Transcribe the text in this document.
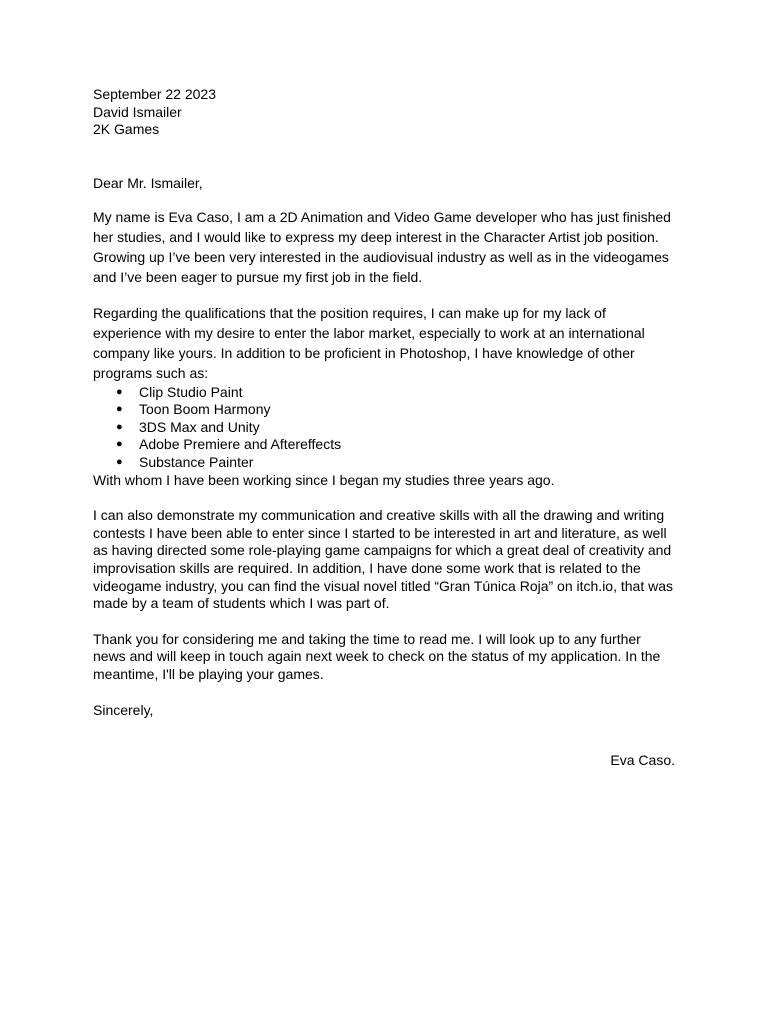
September 22 2023
David Ismailer
2K Games

Dear Mr. Ismailer,

My name is Eva Caso, I am a 2D Animation and Video Game developer who has just finished her studies, and I would like to express my deep interest in the Character Artist job position. Growing up I’ve been very interested in the audiovisual industry as well as in the videogames and I’ve been eager to pursue my first job in the field.

Regarding the qualifications that the position requires, I can make up for my lack of experience with my desire to enter the labor market, especially to work at an international company like yours. In addition to be proficient in Photoshop, I have knowledge of other programs such as:

● Clip Studio Paint
● Toon Boom Harmony
● 3DS Max and Unity
● Adobe Premiere and Aftereffects
● Substance Painter

With whom I have been working since I began my studies three years ago.

I can also demonstrate my communication and creative skills with all the drawing and writing contests I have been able to enter since I started to be interested in art and literature, as well as having directed some role-playing game campaigns for which a great deal of creativity and improvisation skills are required. In addition, I have done some work that is related to the videogame industry, you can find the visual novel titled “Gran Túnica Roja” on itch.io, that was made by a team of students which I was part of.

Thank you for considering me and taking the time to read me. I will look up to any further news and will keep in touch again next week to check on the status of my application. In the meantime, I'll be playing your games.

Sincerely,

Eva Caso.
